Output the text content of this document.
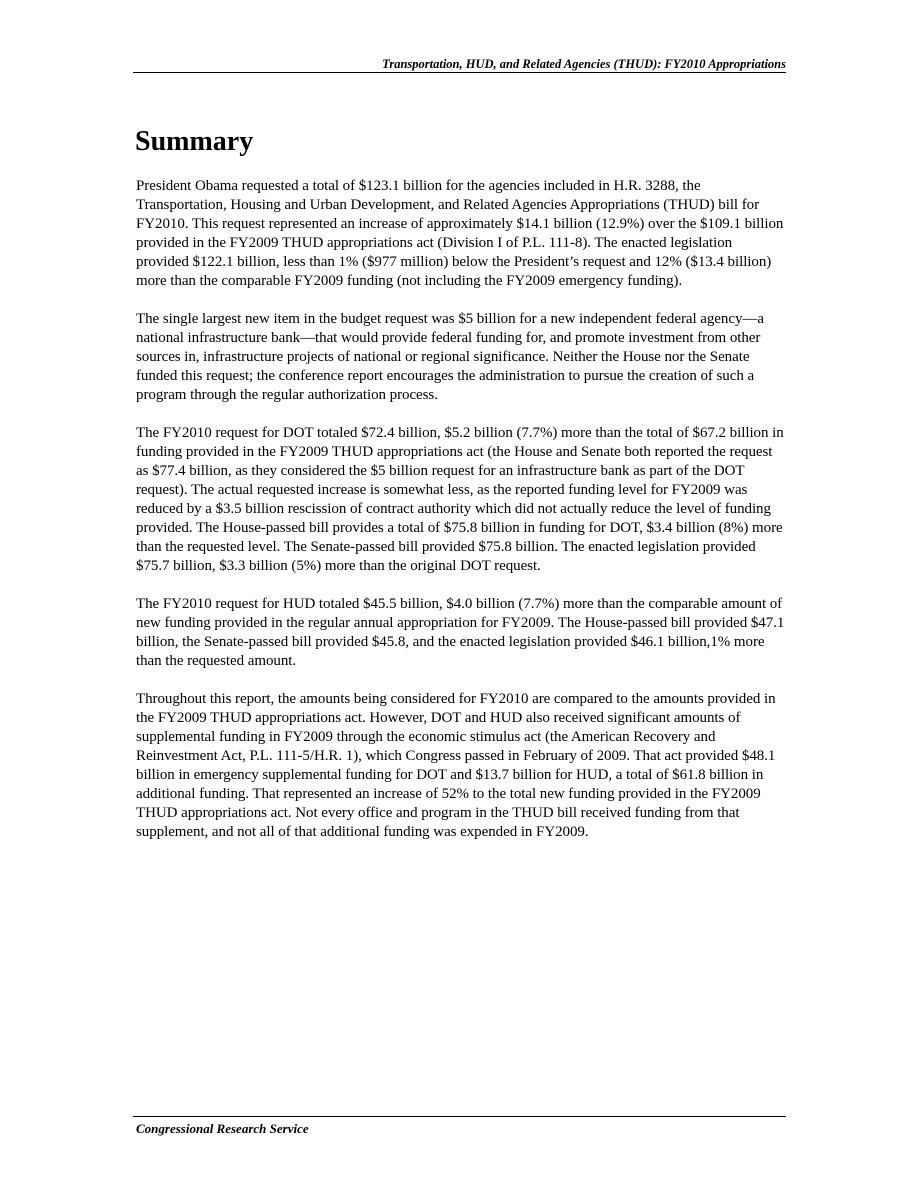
Transportation, HUD, and Related Agencies (THUD): FY2010 Appropriations
Summary

President Obama requested a total of $123.1 billion for the agencies included in H.R. 3288, the Transportation, Housing and Urban Development, and Related Agencies Appropriations (THUD) bill for FY2010. This request represented an increase of approximately $14.1 billion (12.9%) over the $109.1 billion provided in the FY2009 THUD appropriations act (Division I of P.L. 111-8). The enacted legislation provided $122.1 billion, less than 1% ($977 million) below the President’s request and 12% ($13.4 billion) more than the comparable FY2009 funding (not including the FY2009 emergency funding).

The single largest new item in the budget request was $5 billion for a new independent federal agency—a national infrastructure bank—that would provide federal funding for, and promote investment from other sources in, infrastructure projects of national or regional significance. Neither the House nor the Senate funded this request; the conference report encourages the administration to pursue the creation of such a program through the regular authorization process.

The FY2010 request for DOT totaled $72.4 billion, $5.2 billion (7.7%) more than the total of $67.2 billion in funding provided in the FY2009 THUD appropriations act (the House and Senate both reported the request as $77.4 billion, as they considered the $5 billion request for an infrastructure bank as part of the DOT request). The actual requested increase is somewhat less, as the reported funding level for FY2009 was reduced by a $3.5 billion rescission of contract authority which did not actually reduce the level of funding provided. The House-passed bill provides a total of $75.8 billion in funding for DOT, $3.4 billion (8%) more than the requested level. The Senate-passed bill provided $75.8 billion. The enacted legislation provided $75.7 billion, $3.3 billion (5%) more than the original DOT request.

The FY2010 request for HUD totaled $45.5 billion, $4.0 billion (7.7%) more than the comparable amount of new funding provided in the regular annual appropriation for FY2009. The House-passed bill provided $47.1 billion, the Senate-passed bill provided $45.8, and the enacted legislation provided $46.1 billion,1% more than the requested amount.

Throughout this report, the amounts being considered for FY2010 are compared to the amounts provided in the FY2009 THUD appropriations act. However, DOT and HUD also received significant amounts of supplemental funding in FY2009 through the economic stimulus act (the American Recovery and Reinvestment Act, P.L. 111-5/H.R. 1), which Congress passed in February of 2009. That act provided $48.1 billion in emergency supplemental funding for DOT and $13.7 billion for HUD, a total of $61.8 billion in additional funding. That represented an increase of 52% to the total new funding provided in the FY2009 THUD appropriations act. Not every office and program in the THUD bill received funding from that supplement, and not all of that additional funding was expended in FY2009.

Congressional Research Service
